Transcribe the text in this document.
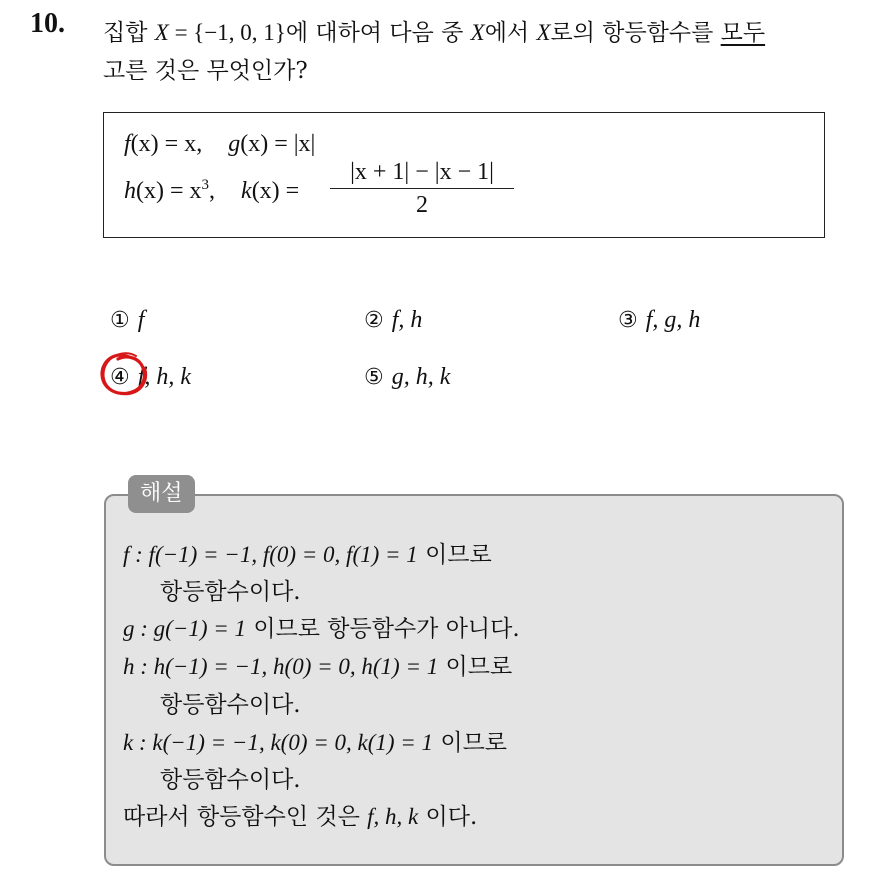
10. 집합 X = {−1, 0, 1}에 대하여 다음 중 X에서 X로의 항등함수를 모두
고른 것은 무엇인가?
f(x) = x, g(x) = |x|
$h(x) = x^3$, $k(x) = \frac{|x + 1| - |x - 1|}{2}$
① f	② f, h	③ f, g, h
④ f, h, k	⑤ g, h, k
해설
f : f(−1) = −1, f(0) = 0, f(1) = 1 이므로
항등함수이다.
g : g(−1) = 1 이므로 항등함수가 아니다.
h : h(−1) = −1, h(0) = 0, h(1) = 1 이므로
항등함수이다.
k : k(−1) = −1, k(0) = 0, k(1) = 1 이므로
항등함수이다.
따라서 항등함수인 것은 f, h, k 이다.
